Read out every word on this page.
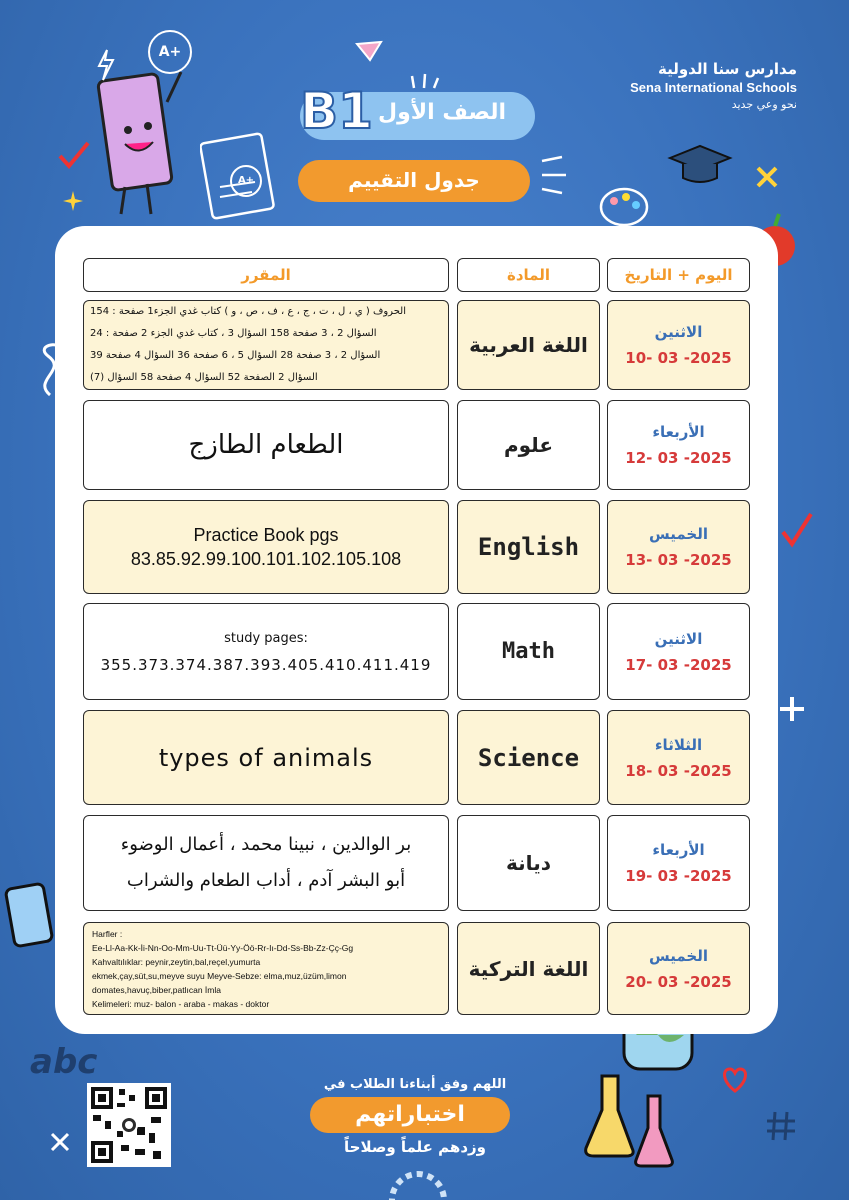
A+
A+
abc
مدارس سنا الدولية
Sena International Schools
نحو وعي جديد
B1 الصف الأول
جدول التقييم
اليوم + التاريخ
المادة
المقرر
الاثنين
10- 03 -2025
اللغة العربية
الحروف ( ي ، ل ، ت ، ج ، ع ، ف ، ص ، و ) كتاب غدي الجزء1 صفحة : 154
السؤال 2 ، 3 صفحة 158 السؤال 3 ، كتاب غدي الجزء 2 صفحة : 24
السؤال 2 ، 3 صفحة 28 السؤال 5 ، 6 صفحة 36 السؤال 4 صفحة 39
السؤال 2 الصفحة 52 السؤال 4 صفحة 58 السؤال (7)
الأربعاء
12- 03 -2025
علوم
الطعام الطازج
الخميس
13- 03 -2025
English
Practice Book pgs
83.85.92.99.100.101.102.105.108
الاثنين
17- 03 -2025
Math
study pages:
355.373.374.387.393.405.410.411.419
الثلاثاء
18- 03 -2025
Science
types of animals
الأربعاء
19- 03 -2025
ديانة
بر الوالدين ، نبينا محمد ، أعمال الوضوء
أبو البشر آدم ، أداب الطعام والشراب
الخميس
20- 03 -2025
اللغة التركية
Harfler :
Ee-Ll-Aa-Kk-İi-Nn-Oo-Mm-Uu-Tt-Üü-Yy-Öö-Rr-Iı-Dd-Ss-Bb-Zz-Çç-Gg
Kahvaltılıklar: peynir,zeytin,bal,reçel,yumurta
ekmek,çay,süt,su,meyve suyu Meyve-Sebze: elma,muz,üzüm,limon
domates,havuç,biber,patlıcan İmla
Kelimeleri: muz- balon - araba - makas - doktor
اللهم وفق أبناءنا الطلاب في
اختباراتهم
وزدهم علماً وصلاحاً
